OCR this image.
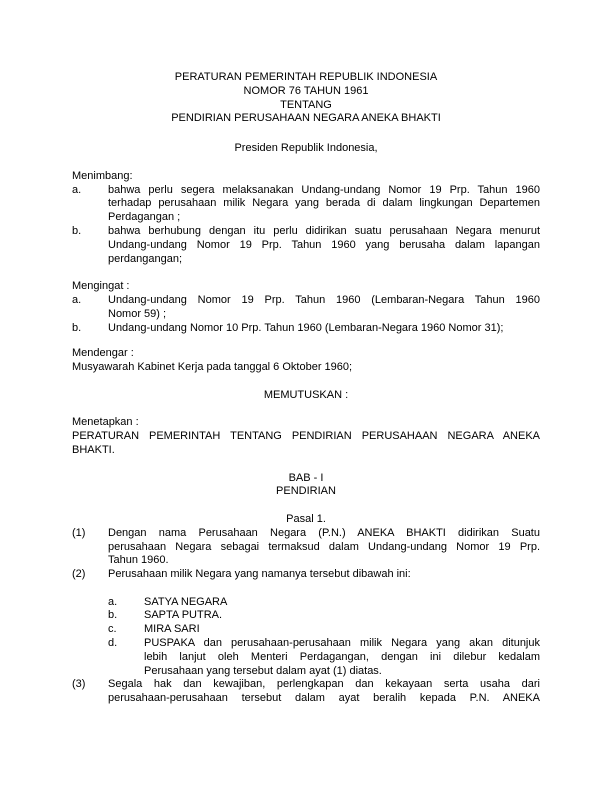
PERATURAN PEMERINTAH REPUBLIK INDONESIA
NOMOR 76 TAHUN 1961
TENTANG
PENDIRIAN PERUSAHAAN NEGARA ANEKA BHAKTI
Presiden Republik Indonesia,
Menimbang:
a.	bahwa perlu segera melaksanakan Undang-undang Nomor 19 Prp. Tahun 1960
terhadap perusahaan milik Negara yang berada di dalam lingkungan Departemen
Perdagangan ;
b.	bahwa berhubung dengan itu perlu didirikan suatu perusahaan Negara menurut
Undang-undang Nomor 19 Prp. Tahun 1960 yang berusaha dalam lapangan
perdangangan;
Mengingat :
a.	Undang-undang Nomor 19 Prp. Tahun 1960 (Lembaran-Negara Tahun 1960
Nomor 59) ;
b.	Undang-undang Nomor 10 Prp. Tahun 1960 (Lembaran-Negara 1960 Nomor 31);
Mendengar :
Musyawarah Kabinet Kerja pada tanggal 6 Oktober 1960;
MEMUTUSKAN :
Menetapkan :
PERATURAN PEMERINTAH TENTANG PENDIRIAN PERUSAHAAN NEGARA ANEKA
BHAKTI.
BAB - I
PENDIRIAN
Pasal 1.
(1)	Dengan nama Perusahaan Negara (P.N.) ANEKA BHAKTI didirikan Suatu
perusahaan Negara sebagai termaksud dalam Undang-undang Nomor 19 Prp.
Tahun 1960.
(2)	Perusahaan milik Negara yang namanya tersebut dibawah ini:
a.	SATYA NEGARA
b.	SAPTA PUTRA.
c.	MIRA SARI
d.	PUSPAKA dan perusahaan-perusahaan milik Negara yang akan ditunjuk
lebih lanjut oleh Menteri Perdagangan, dengan ini dilebur kedalam
Perusahaan yang tersebut dalam ayat (1) diatas.
(3)	Segala hak dan kewajiban, perlengkapan dan kekayaan serta usaha dari
perusahaan-perusahaan tersebut dalam ayat beralih kepada P.N. ANEKA
